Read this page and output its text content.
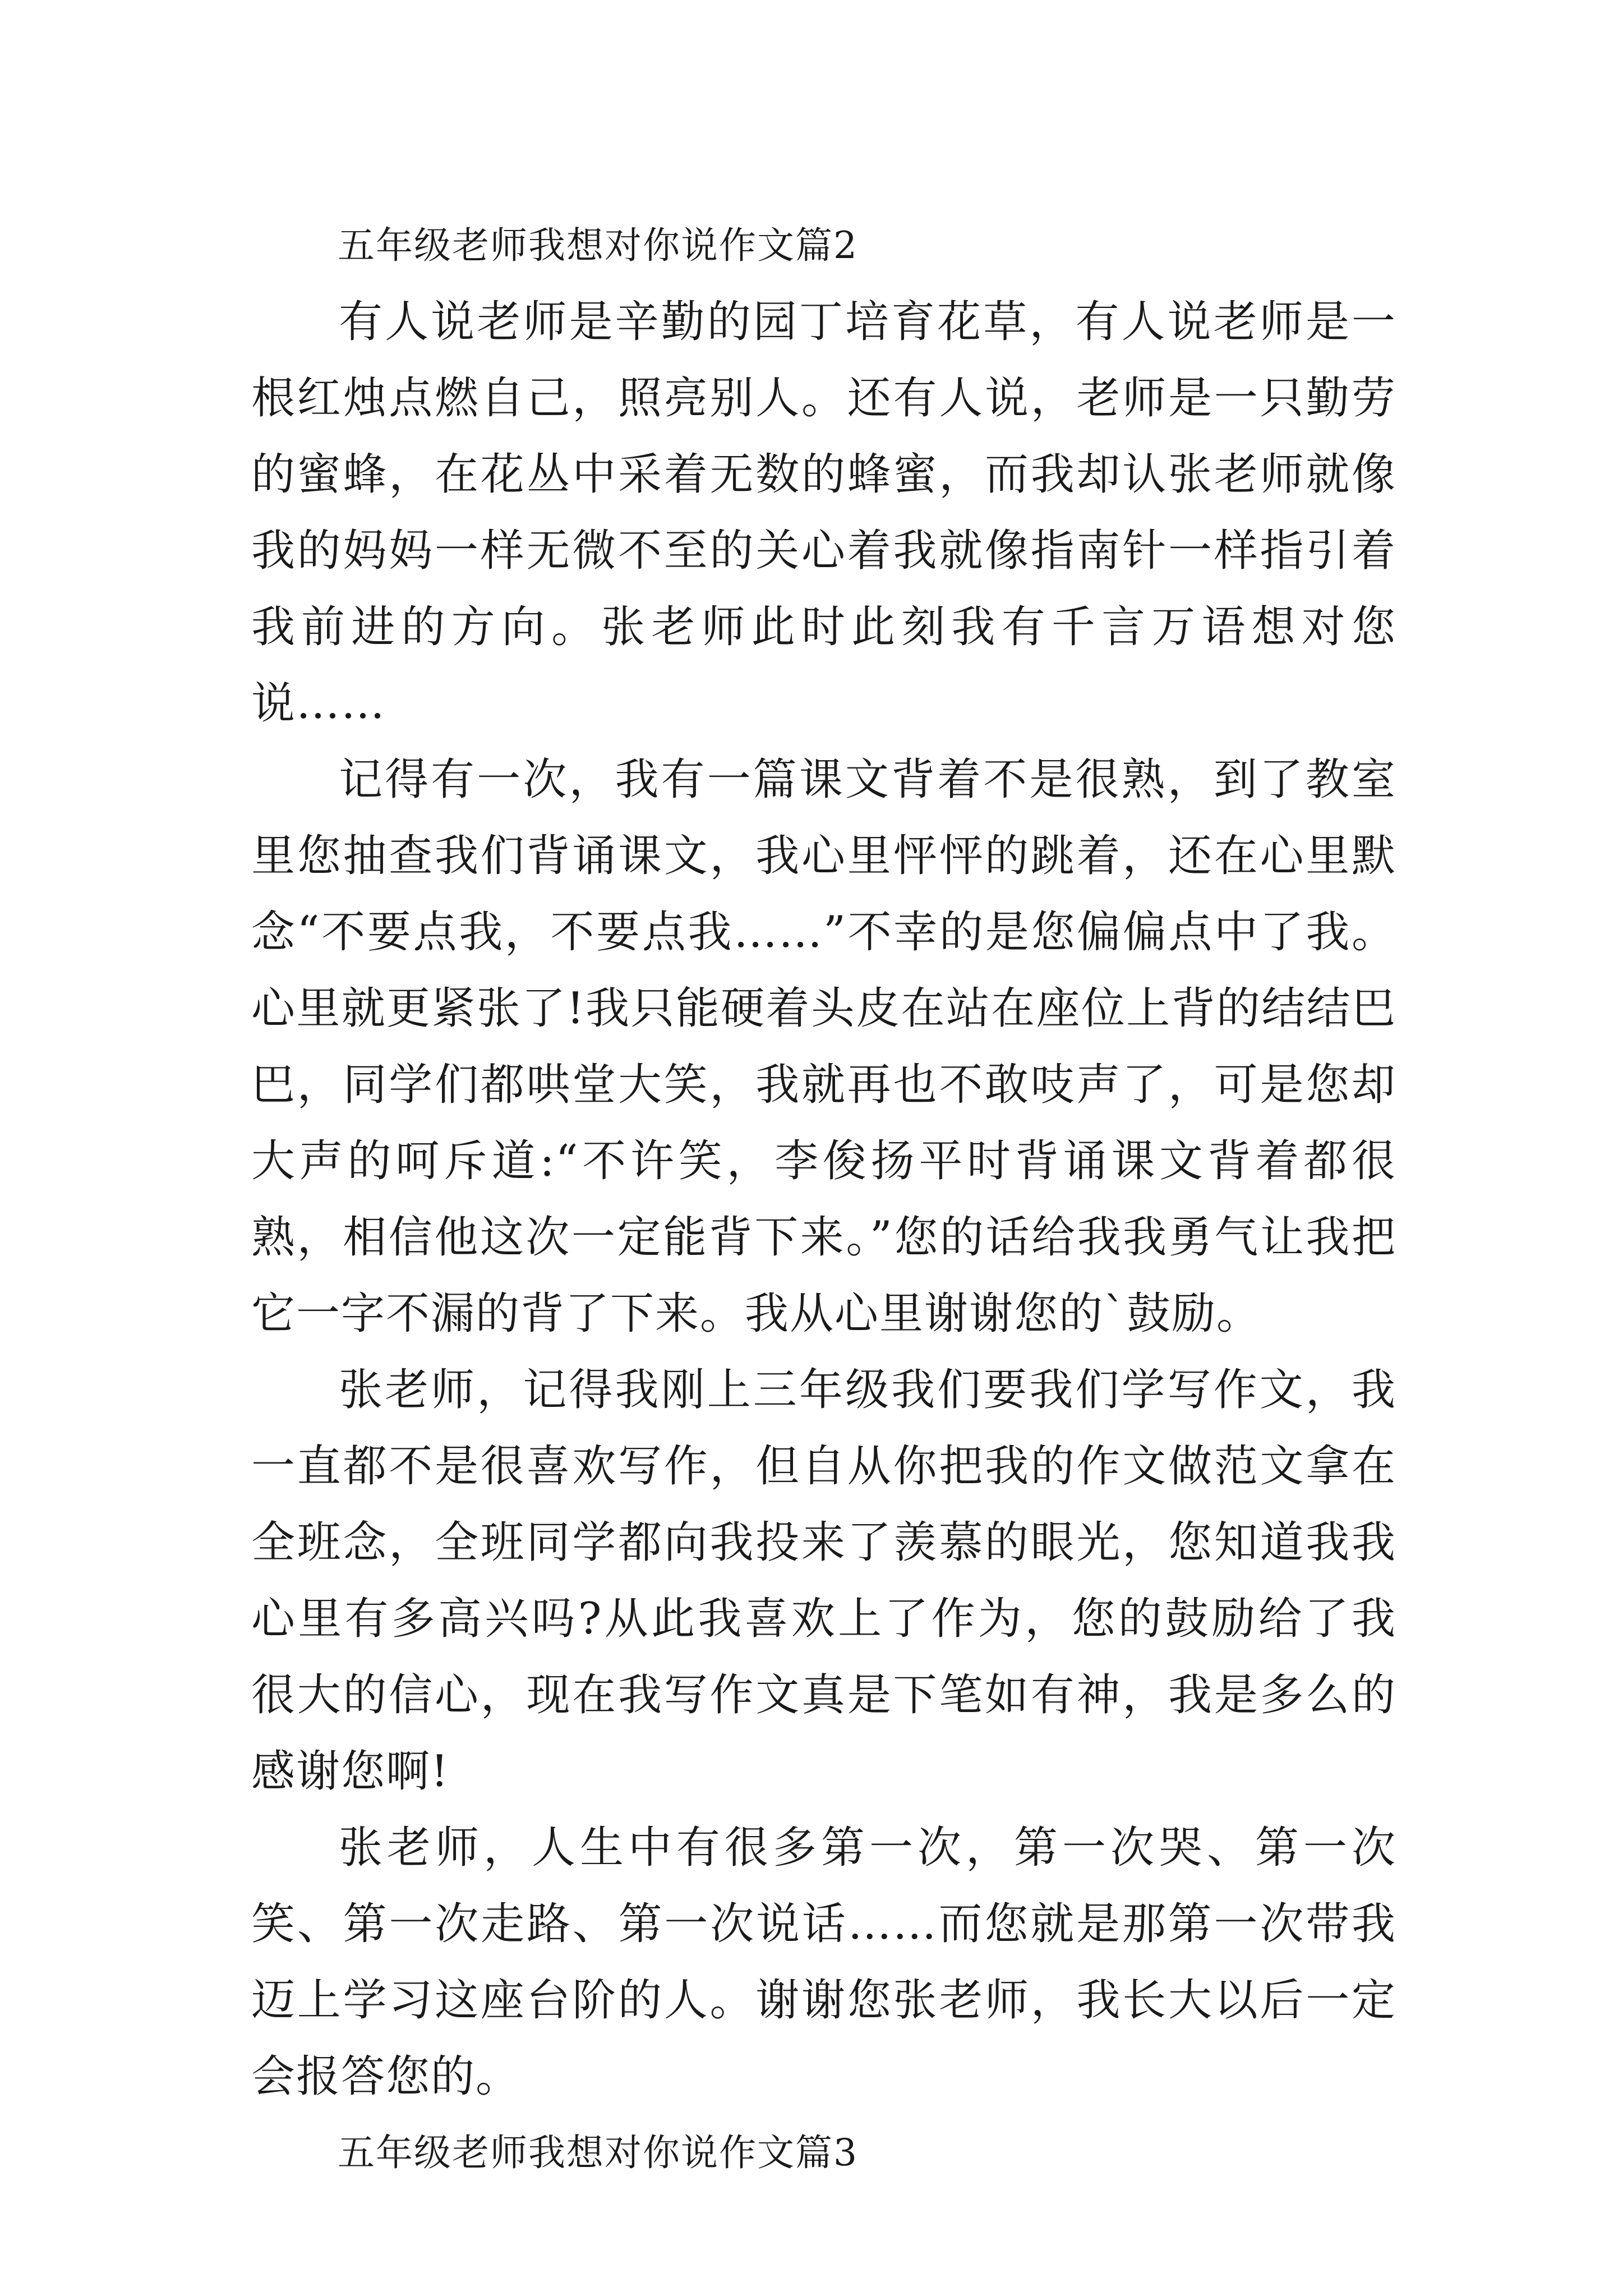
五年级老师我想对你说作文篇2

有人说老师是辛勤的园丁培育花草，有人说老师是一根红烛点燃自己，照亮别人。还有人说，老师是一只勤劳的蜜蜂，在花丛中采着无数的蜂蜜，而我却认张老师就像我的妈妈一样无微不至的关心着我就像指南针一样指引着我前进的方向。张老师此时此刻我有千言万语想对您说……

记得有一次，我有一篇课文背着不是很熟，到了教室里您抽查我们背诵课文，我心里怦怦的跳着，还在心里默念“不要点我，不要点我……”不幸的是您偏偏点中了我。心里就更紧张了!我只能硬着头皮在站在座位上背的结结巴巴，同学们都哄堂大笑，我就再也不敢吱声了，可是您却大声的呵斥道:“不许笑，李俊扬平时背诵课文背着都很熟，相信他这次一定能背下来。”您的话给我我勇气让我把它一字不漏的背了下来。我从心里谢谢您的`鼓励。

张老师，记得我刚上三年级我们要我们学写作文，我一直都不是很喜欢写作，但自从你把我的作文做范文拿在全班念，全班同学都向我投来了羡慕的眼光，您知道我我心里有多高兴吗?从此我喜欢上了作为，您的鼓励给了我很大的信心，现在我写作文真是下笔如有神，我是多么的感谢您啊!

张老师，人生中有很多第一次，第一次哭、第一次笑、第一次走路、第一次说话……而您就是那第一次带我迈上学习这座台阶的人。谢谢您张老师，我长大以后一定会报答您的。

五年级老师我想对你说作文篇3
